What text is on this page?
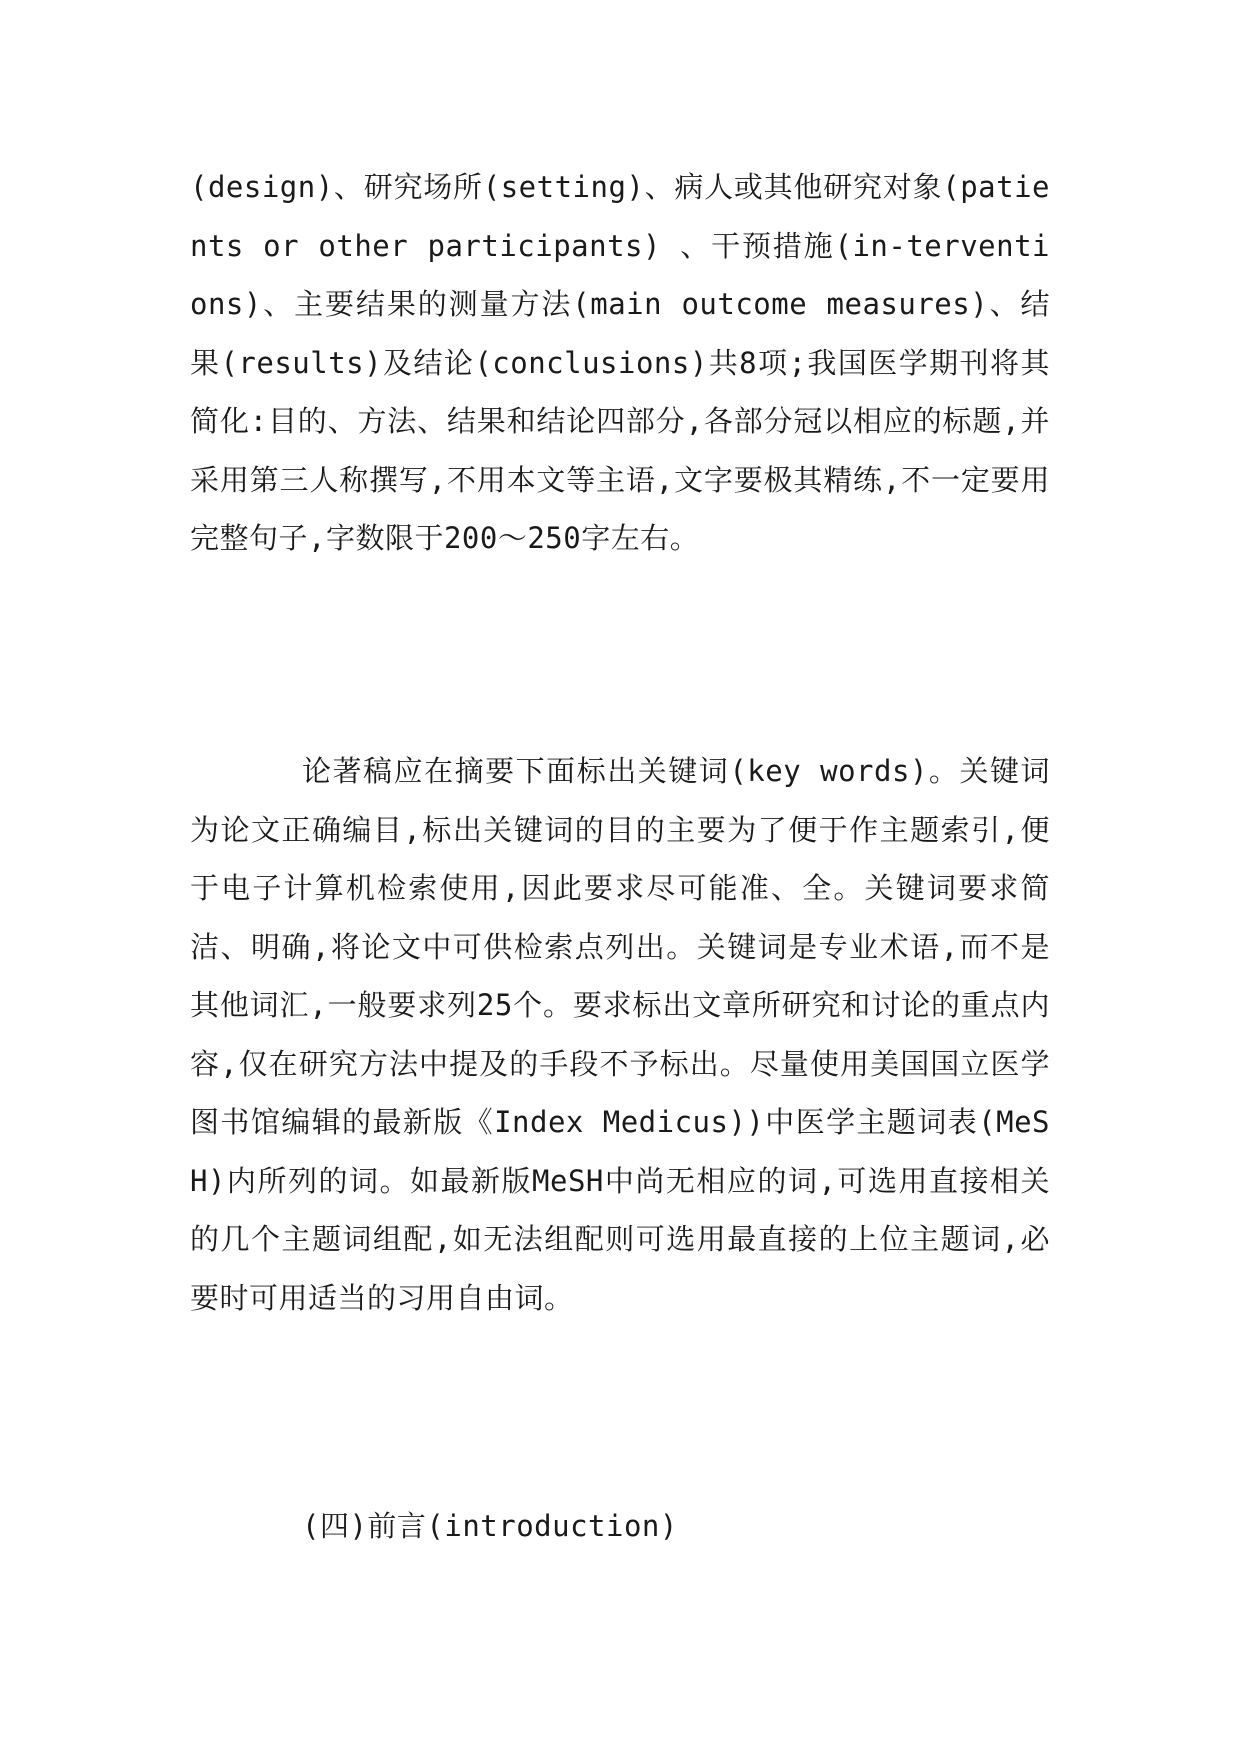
(design)、研究场所(setting)、病人或其他研究对象(patients or other participants) 、干预措施(in-terventions)、主要结果的测量方法(main outcome measures)、结果(results)及结论(conclusions)共8项;我国医学期刊将其简化:目的、方法、结果和结论四部分,各部分冠以相应的标题,并采用第三人称撰写,不用本文等主语,文字要极其精练,不一定要用完整句子,字数限于200～250字左右。

论著稿应在摘要下面标出关键词(key words)。关键词为论文正确编目,标出关键词的目的主要为了便于作主题索引,便于电子计算机检索使用,因此要求尽可能准、全。关键词要求简洁、明确,将论文中可供检索点列出。关键词是专业术语,而不是其他词汇,一般要求列25个。要求标出文章所研究和讨论的重点内容,仅在研究方法中提及的手段不予标出。尽量使用美国国立医学图书馆编辑的最新版《Index Medicus))中医学主题词表(MeSH)内所列的词。如最新版MeSH中尚无相应的词,可选用直接相关的几个主题词组配,如无法组配则可选用最直接的上位主题词,必要时可用适当的习用自由词。

(四)前言(introduction)
